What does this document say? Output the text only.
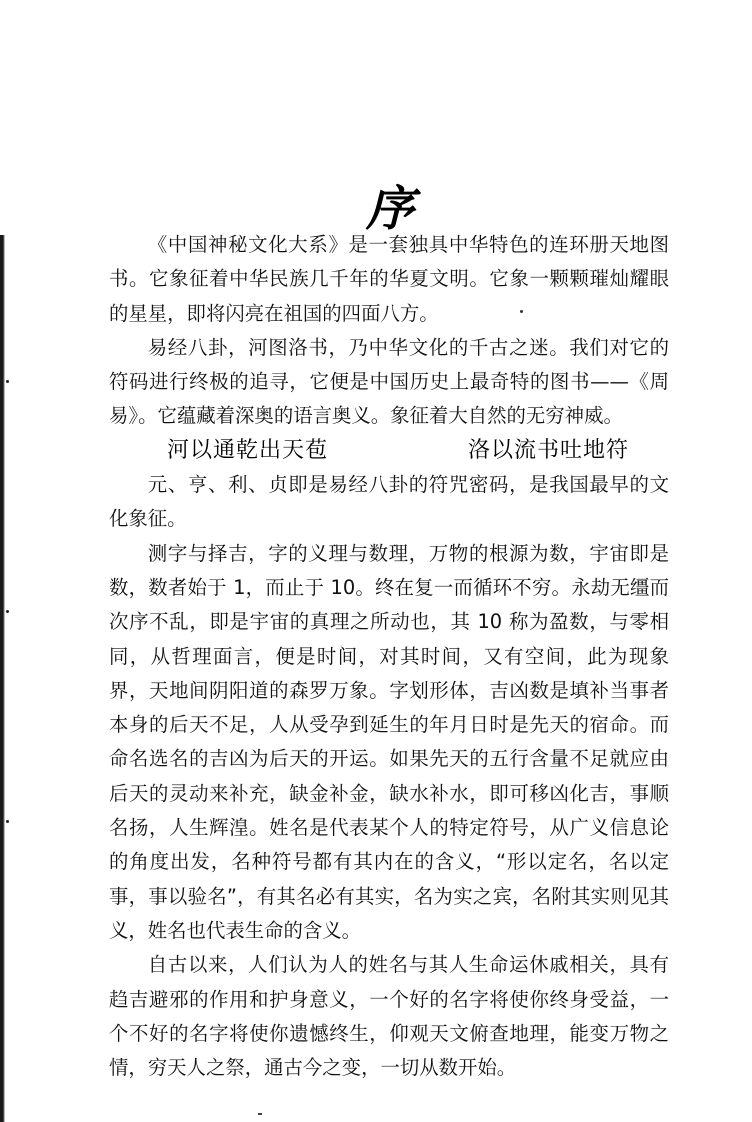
序

《中国神秘文化大系》是一套独具中华特色的连环册天地图书。它象征着中华民族几千年的华夏文明。它象一颗颗璀灿耀眼的星星，即将闪亮在祖国的四面八方。

易经八卦，河图洛书，乃中华文化的千古之迷。我们对它的符码进行终极的追寻，它便是中国历史上最奇特的图书——《周易》。它蕴藏着深奥的语言奥义。象征着大自然的无穷神威。

河以通乾出天苞	洛以流书吐地符

元、亨、利、贞即是易经八卦的符咒密码，是我国最早的文化象征。

测字与择吉，字的义理与数理，万物的根源为数，宇宙即是数，数者始于 1，而止于 10。终在复一而循环不穷。永劫无缰而次序不乱，即是宇宙的真理之所动也，其 10 称为盈数，与零相同，从哲理面言，便是时间，对其时间，又有空间，此为现象界，天地间阴阳道的森罗万象。字划形体，吉凶数是填补当事者本身的后天不足，人从受孕到延生的年月日时是先天的宿命。而命名选名的吉凶为后天的开运。如果先天的五行含量不足就应由后天的灵动来补充，缺金补金，缺水补水，即可移凶化吉，事顺名扬，人生辉湟。姓名是代表某个人的特定符号，从广义信息论的角度出发，名种符号都有其内在的含义，“形以定名，名以定事，事以验名”，有其名必有其实，名为实之宾，名附其实则见其义，姓名也代表生命的含义。

自古以来，人们认为人的姓名与其人生命运休戚相关，具有趋吉避邪的作用和护身意义，一个好的名字将使你终身受益，一个不好的名字将使你遗憾终生，仰观天文俯查地理，能变万物之情，穷天人之祭，通古今之变，一切从数开始。
